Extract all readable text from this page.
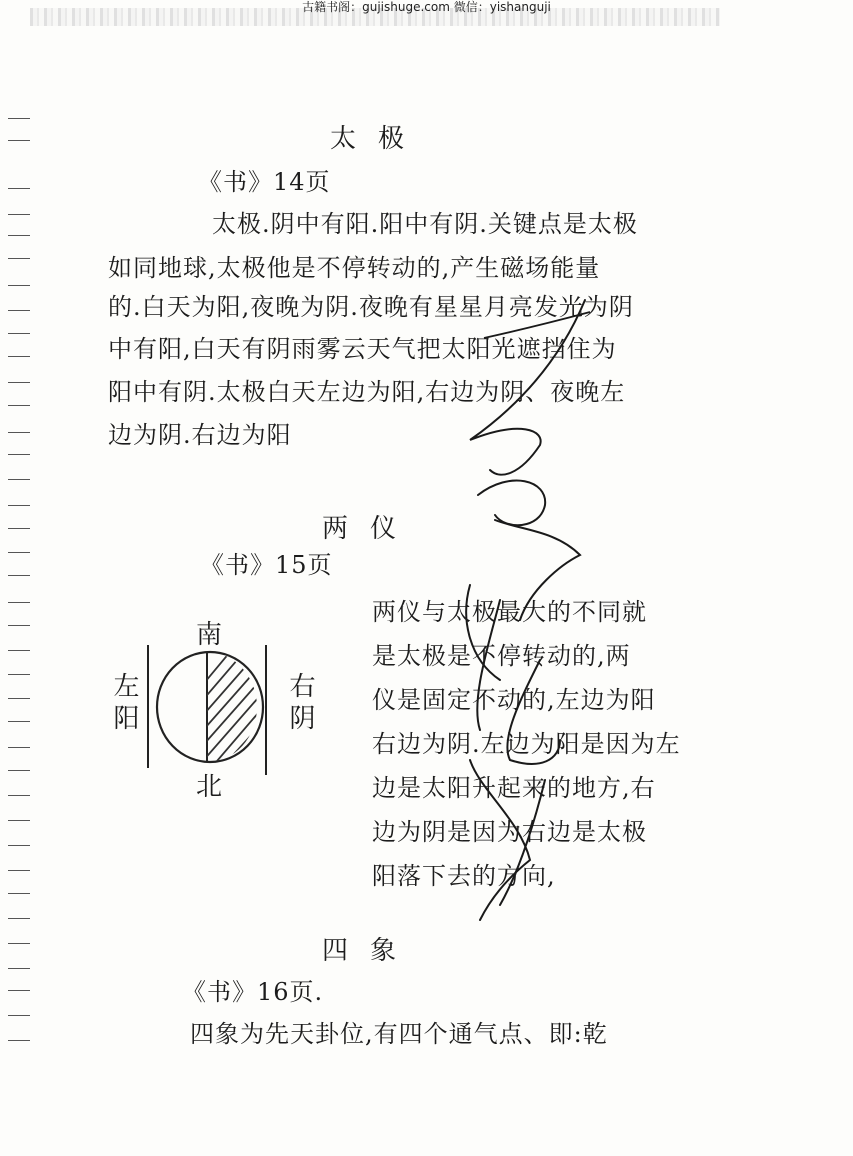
古籍书阁：gujishuge.com 微信：yishanguji
太极
《书》14页
太极.阴中有阳.阳中有阴.关键点是太极
如同地球,太极他是不停转动的,产生磁场能量
的.白天为阳,夜晚为阴.夜晚有星星月亮发光为阴
中有阳,白天有阴雨雾云天气把太阳光遮挡住为
阳中有阴.太极白天左边为阳,右边为阴、夜晚左
边为阴.右边为阳
两仪
《书》15页
南
北
左阳	右阴
两仪与太极最大的不同就
是太极是不停转动的,两
仪是固定不动的,左边为阳
右边为阴.左边为阳是因为左
边是太阳升起来的地方,右
边为阴是因为右边是太极
阳落下去的方向,
四象
《书》16页.
四象为先天卦位,有四个通气点、即:乾
